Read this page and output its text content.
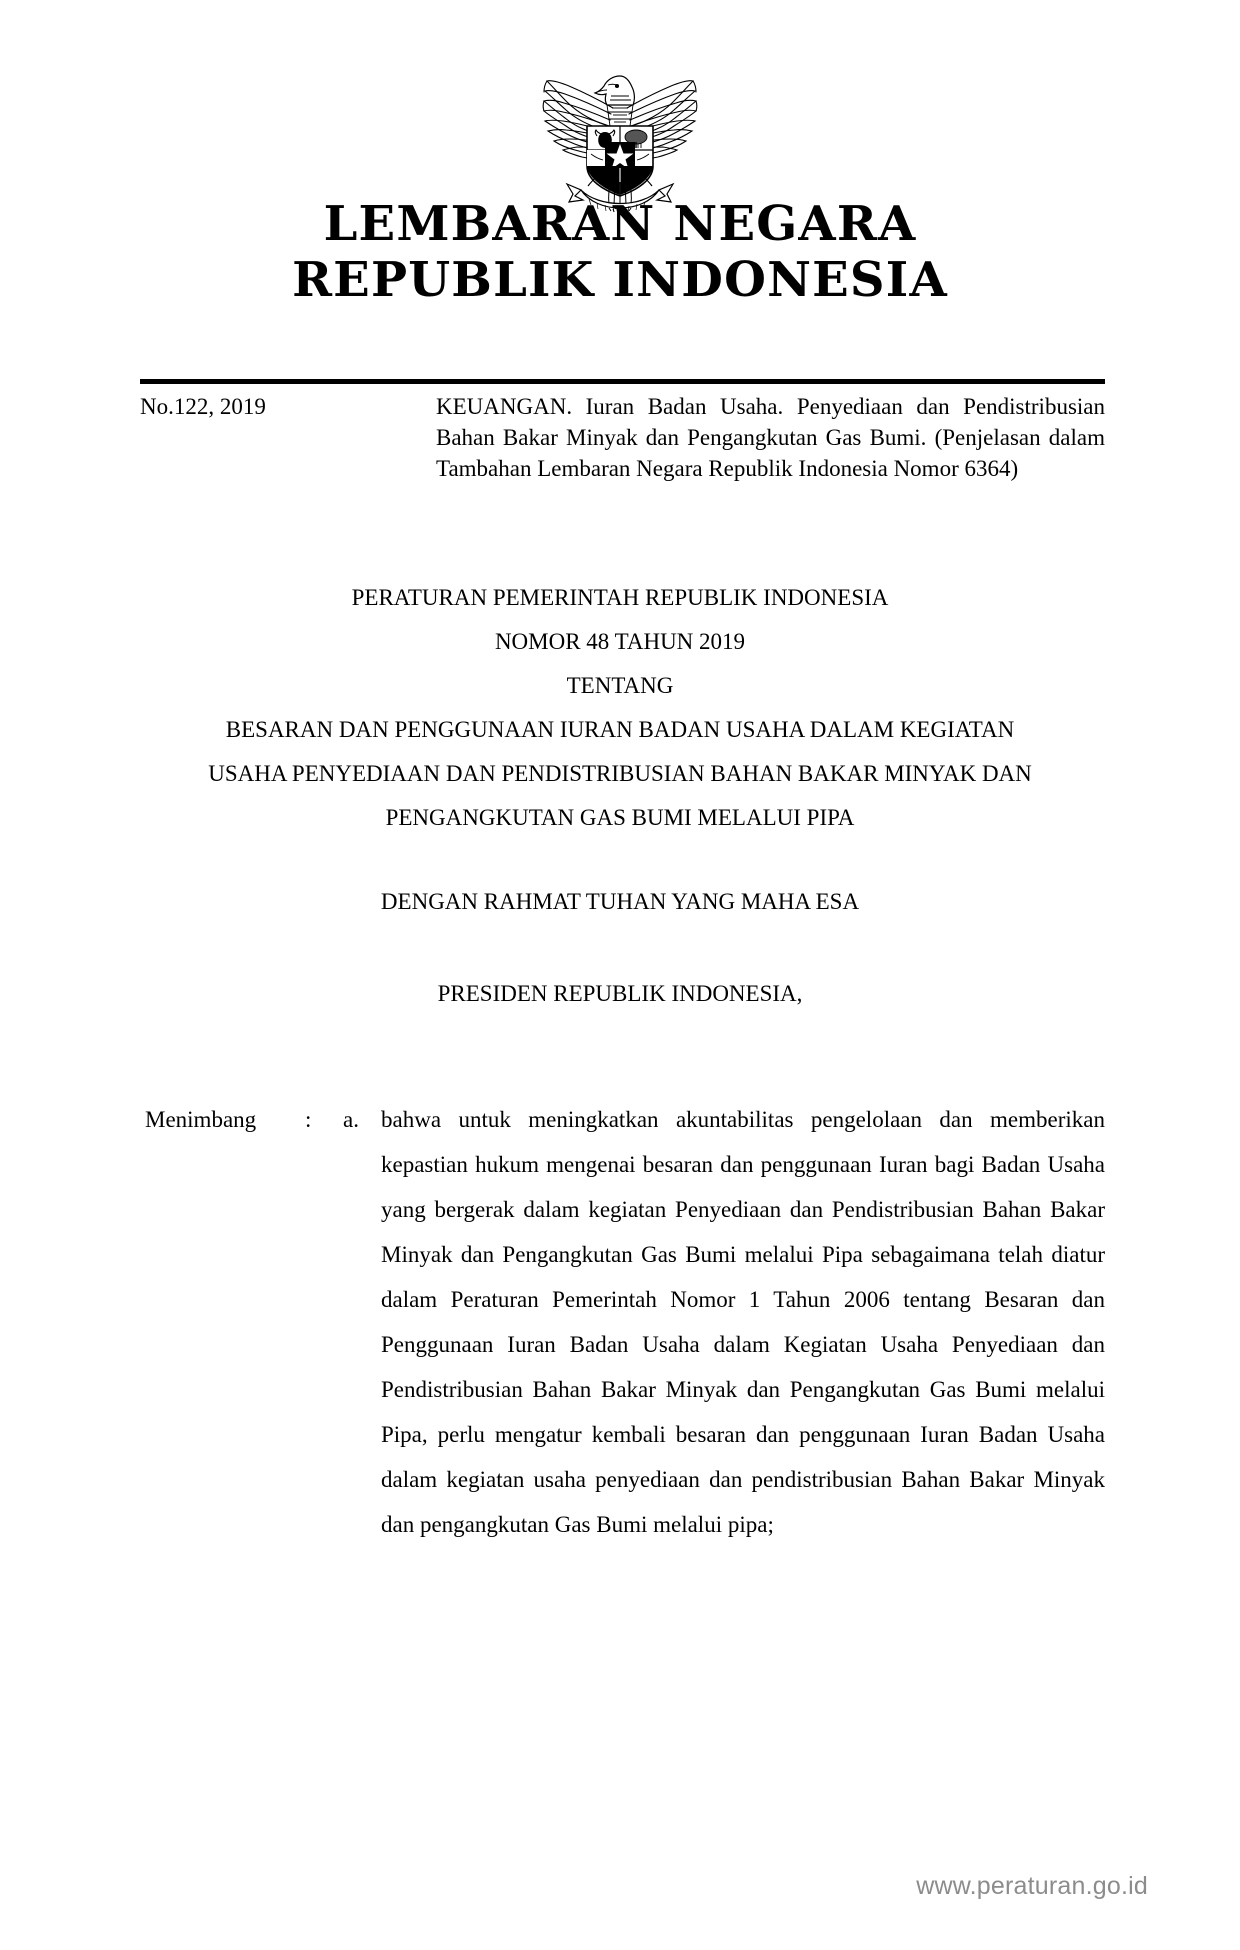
LEMBARAN NEGARA
REPUBLIK INDONESIA
No.122, 2019	KEUANGAN. Iuran Badan Usaha. Penyediaan dan Pendistribusian Bahan Bakar Minyak dan Pengangkutan Gas Bumi. (Penjelasan dalam Tambahan Lembaran Negara Republik Indonesia Nomor 6364)
PERATURAN PEMERINTAH REPUBLIK INDONESIA
NOMOR 48 TAHUN 2019
TENTANG
BESARAN DAN PENGGUNAAN IURAN BADAN USAHA DALAM KEGIATAN
USAHA PENYEDIAAN DAN PENDISTRIBUSIAN BAHAN BAKAR MINYAK DAN
PENGANGKUTAN GAS BUMI MELALUI PIPA
DENGAN RAHMAT TUHAN YANG MAHA ESA
PRESIDEN REPUBLIK INDONESIA,
Menimbang	:	a. bahwa untuk meningkatkan akuntabilitas pengelolaan dan memberikan kepastian hukum mengenai besaran dan penggunaan Iuran bagi Badan Usaha yang bergerak dalam kegiatan Penyediaan dan Pendistribusian Bahan Bakar Minyak dan Pengangkutan Gas Bumi melalui Pipa sebagaimana telah diatur dalam Peraturan Pemerintah Nomor 1 Tahun 2006 tentang Besaran dan Penggunaan Iuran Badan Usaha dalam Kegiatan Usaha Penyediaan dan Pendistribusian Bahan Bakar Minyak dan Pengangkutan Gas Bumi melalui Pipa, perlu mengatur kembali besaran dan penggunaan Iuran Badan Usaha dalam kegiatan usaha penyediaan dan pendistribusian Bahan Bakar Minyak dan pengangkutan Gas Bumi melalui pipa;
www.peraturan.go.id
